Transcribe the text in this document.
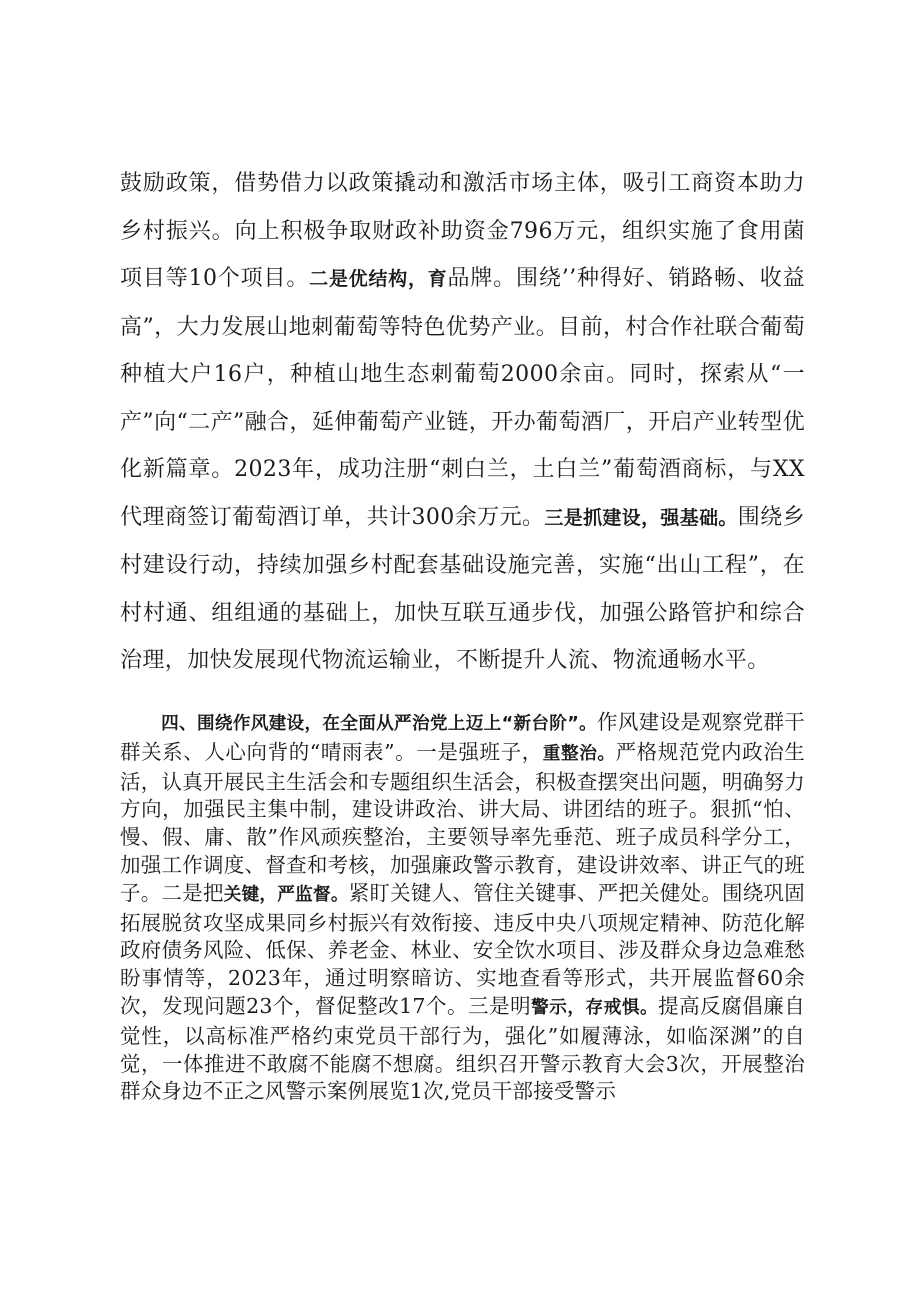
鼓励政策，借势借力以政策撬动和激活市场主体，吸引工商资本助力乡村振兴。向上积极争取财政补助资金796万元，组织实施了食用菌项目等10个项目。二是优结构，育品牌。围绕’’种得好、销路畅、收益高”，大力发展山地刺葡萄等特色优势产业。目前，村合作社联合葡萄种植大户16户，种植山地生态刺葡萄2000余亩。同时，探索从“一产”向“二产”融合，延伸葡萄产业链，开办葡萄酒厂，开启产业转型优化新篇章。2023年，成功注册“刺白兰，土白兰”葡萄酒商标，与XX代理商签订葡萄酒订单，共计300余万元。三是抓建设，强基础。围绕乡村建设行动，持续加强乡村配套基础设施完善，实施“出山工程”，在村村通、组组通的基础上，加快互联互通步伐，加强公路管护和综合治理，加快发展现代物流运输业，不断提升人流、物流通畅水平。

四、围绕作风建设，在全面从严治党上迈上“新台阶”。作风建设是观察党群干群关系、人心向背的“晴雨表”。一是强班子，重整治。严格规范党内政治生活，认真开展民主生活会和专题组织生活会，积极查摆突出问题，明确努力方向，加强民主集中制，建设讲政治、讲大局、讲团结的班子。狠抓“怕、慢、假、庸、散”作风顽疾整治，主要领导率先垂范、班子成员科学分工，加强工作调度、督查和考核，加强廉政警示教育，建设讲效率、讲正气的班子。二是把关键，严监督。紧盯关键人、管住关键事、严把关健处。围绕巩固拓展脱贫攻坚成果同乡村振兴有效衔接、违反中央八项规定精神、防范化解政府债务风险、低保、养老金、林业、安全饮水项目、涉及群众身边急难愁盼事情等，2023年，通过明察暗访、实地查看等形式，共开展监督60余次，发现问题23个，督促整改17个。三是明警示，存戒惧。提高反腐倡廉自觉性，以高标准严格约束党员干部行为，强化”如履薄泳，如临深渊”的自觉，一体推进不敢腐不能腐不想腐。组织召开警示教育大会3次，开展整治群众身边不正之风警示案例展览1次,党员干部接受警示
